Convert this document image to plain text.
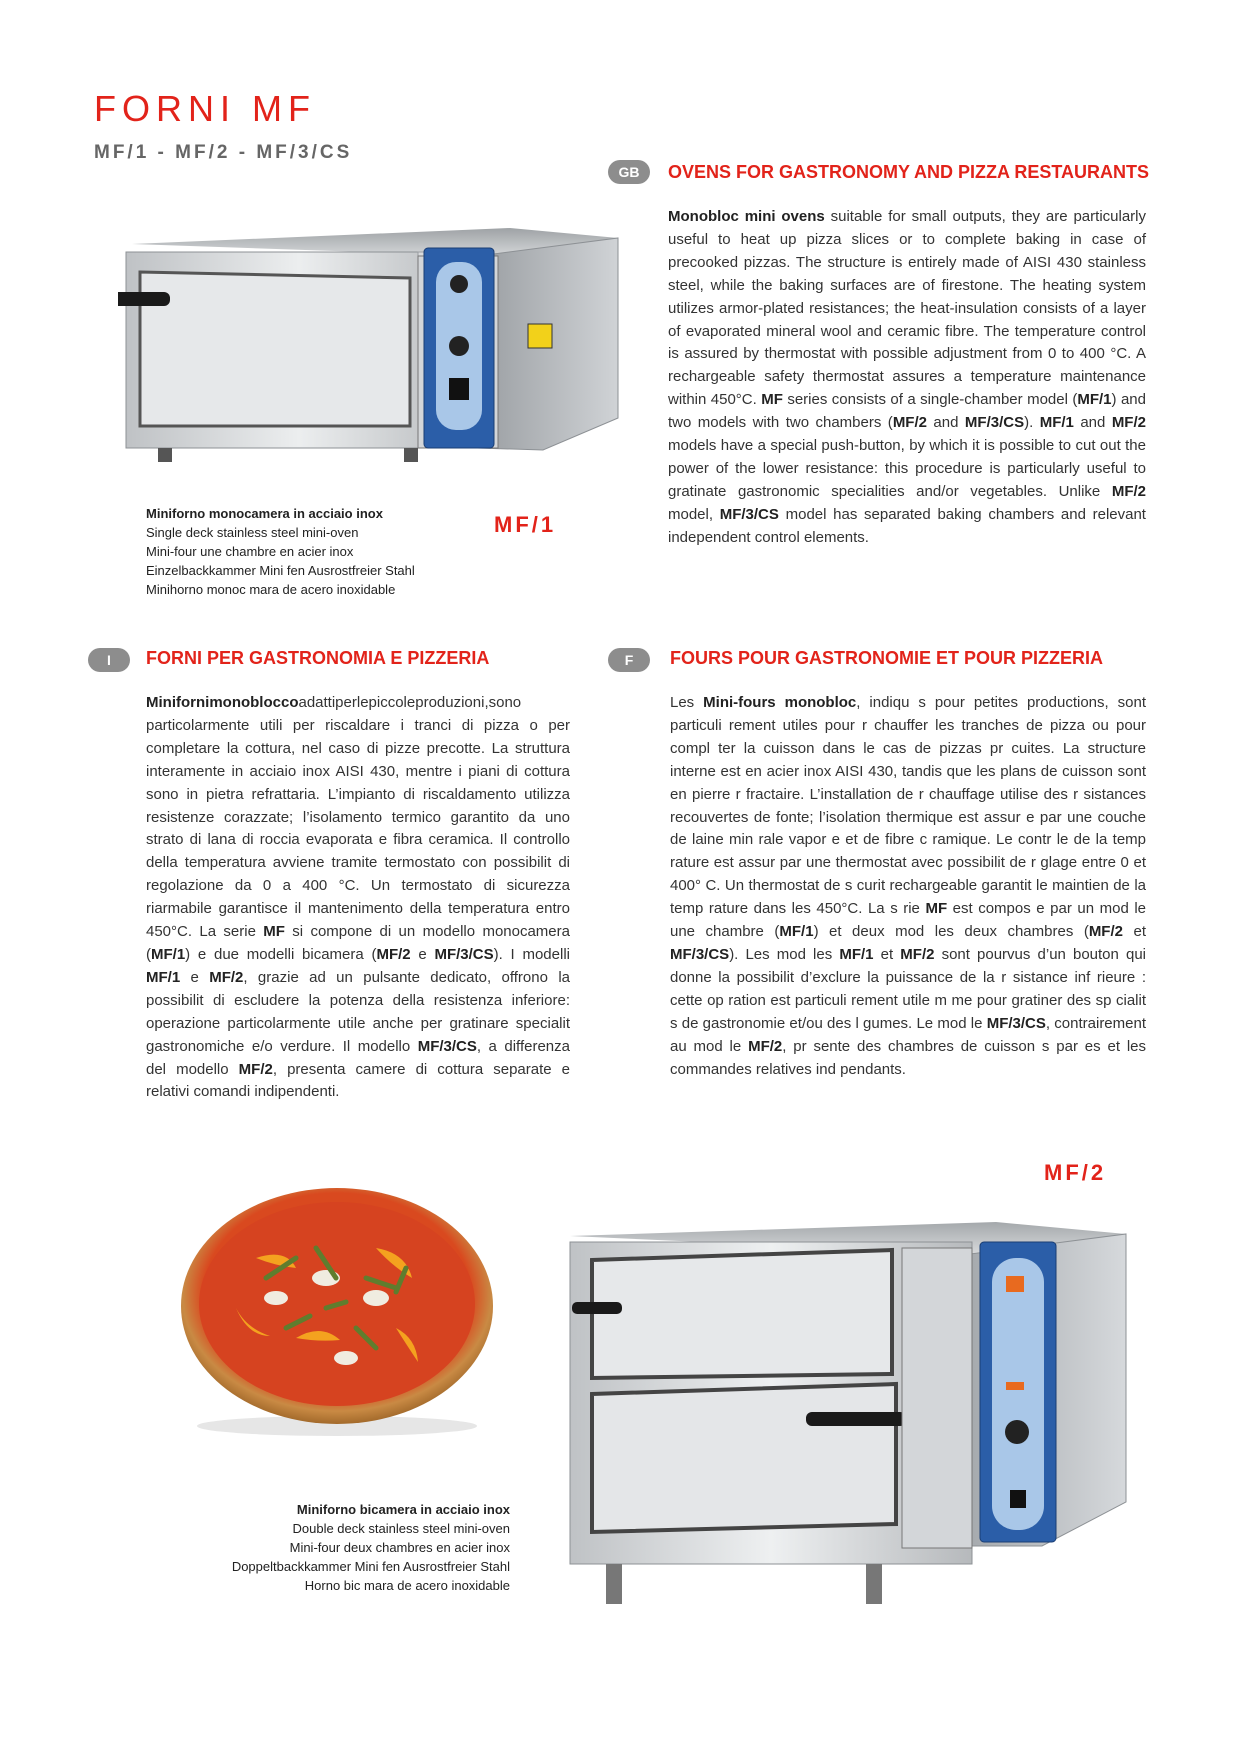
FORNI MF
MF/1 - MF/2 - MF/3/CS
Miniforno monocamera in acciaio inox
Single deck stainless steel mini-oven
Mini-four une chambre en acier inox
Einzelbackkammer Mini fen Ausrostfreier Stahl
Minihorno monoc mara de acero inoxidable
MF/1
GB	OVENS FOR GASTRONOMY AND PIZZA RESTAURANTS
Monobloc mini ovens suitable for small outputs, they are particularly useful to heat up pizza slices or to complete baking in case of precooked pizzas. The structure is entirely made of AISI 430 stainless steel, while the baking surfaces are of firestone. The heating system utilizes armor-plated resistances; the heat-insulation consists of a layer of evaporated mineral wool and ceramic fibre. The temperature control is assured by thermostat with possible adjustment from 0 to 400 °C. A rechargeable safety thermostat assures a temperature maintenance within 450°C. MF series consists of a single-chamber model (MF/1) and two models with two chambers (MF/2 and MF/3/CS). MF/1 and MF/2 models have a special push-button, by which it is possible to cut out the power of the lower resistance: this procedure is particularly useful to gratinate gastronomic specialities and/or vegetables. Unlike MF/2 model, MF/3/CS model has separated baking chambers and relevant independent control elements.
I	FORNI PER GASTRONOMIA E PIZZERIA
Minifornimonobloccoadattiperlepiccoleproduzioni,sono particolarmente utili per riscaldare i tranci di pizza o per completare la cottura, nel caso di pizze precotte. La struttura interamente in acciaio inox AISI 430, mentre i piani di cottura sono in pietra refrattaria. L’impianto di riscaldamento utilizza resistenze corazzate; l’isolamento termico garantito da uno strato di lana di roccia evaporata e fibra ceramica. Il controllo della temperatura avviene tramite termostato con possibilit di regolazione da 0 a 400 °C. Un termostato di sicurezza riarmabile garantisce il mantenimento della temperatura entro 450°C. La serie MF si compone di un modello monocamera (MF/1) e due modelli bicamera (MF/2 e MF/3/CS). I modelli MF/1 e MF/2, grazie ad un pulsante dedicato, offrono la possibilit di escludere la potenza della resistenza inferiore: operazione particolarmente utile anche per gratinare specialit gastronomiche e/o verdure. Il modello MF/3/CS, a differenza del modello MF/2, presenta camere di cottura separate e relativi comandi indipendenti.
F	FOURS POUR GASTRONOMIE ET POUR PIZZERIA
Les Mini-fours monobloc, indiqu s pour petites productions, sont particuli rement utiles pour r chauffer les tranches de pizza ou pour compl ter la cuisson dans le cas de pizzas pr cuites. La structure interne est en acier inox AISI 430, tandis que les plans de cuisson sont en pierre r fractaire. L’installation de r chauffage utilise des r sistances recouvertes de fonte; l’isolation thermique est assur e par une couche de laine min rale vapor e et de fibre c ramique. Le contr le de la temp rature est assur par une thermostat avec possibilit de r glage entre 0 et 400° C. Un thermostat de s curit rechargeable garantit le maintien de la temp rature dans les 450°C. La s rie MF est compos e par un mod le une chambre (MF/1) et deux mod les deux chambres (MF/2 et MF/3/CS). Les mod les MF/1 et MF/2 sont pourvus d’un bouton qui donne la possibilit d’exclure la puissance de la r sistance inf rieure : cette op ration est particuli rement utile m me pour gratiner des sp cialit s de gastronomie et/ou des l gumes. Le mod le MF/3/CS, contrairement au mod le MF/2, pr sente des chambres de cuisson s par es et les commandes relatives ind pendants.
MF/2
Miniforno bicamera in acciaio inox
Double deck stainless steel mini-oven
Mini-four deux chambres en acier inox
Doppeltbackkammer Mini fen Ausrostfreier Stahl
Horno bic mara de acero inoxidable
